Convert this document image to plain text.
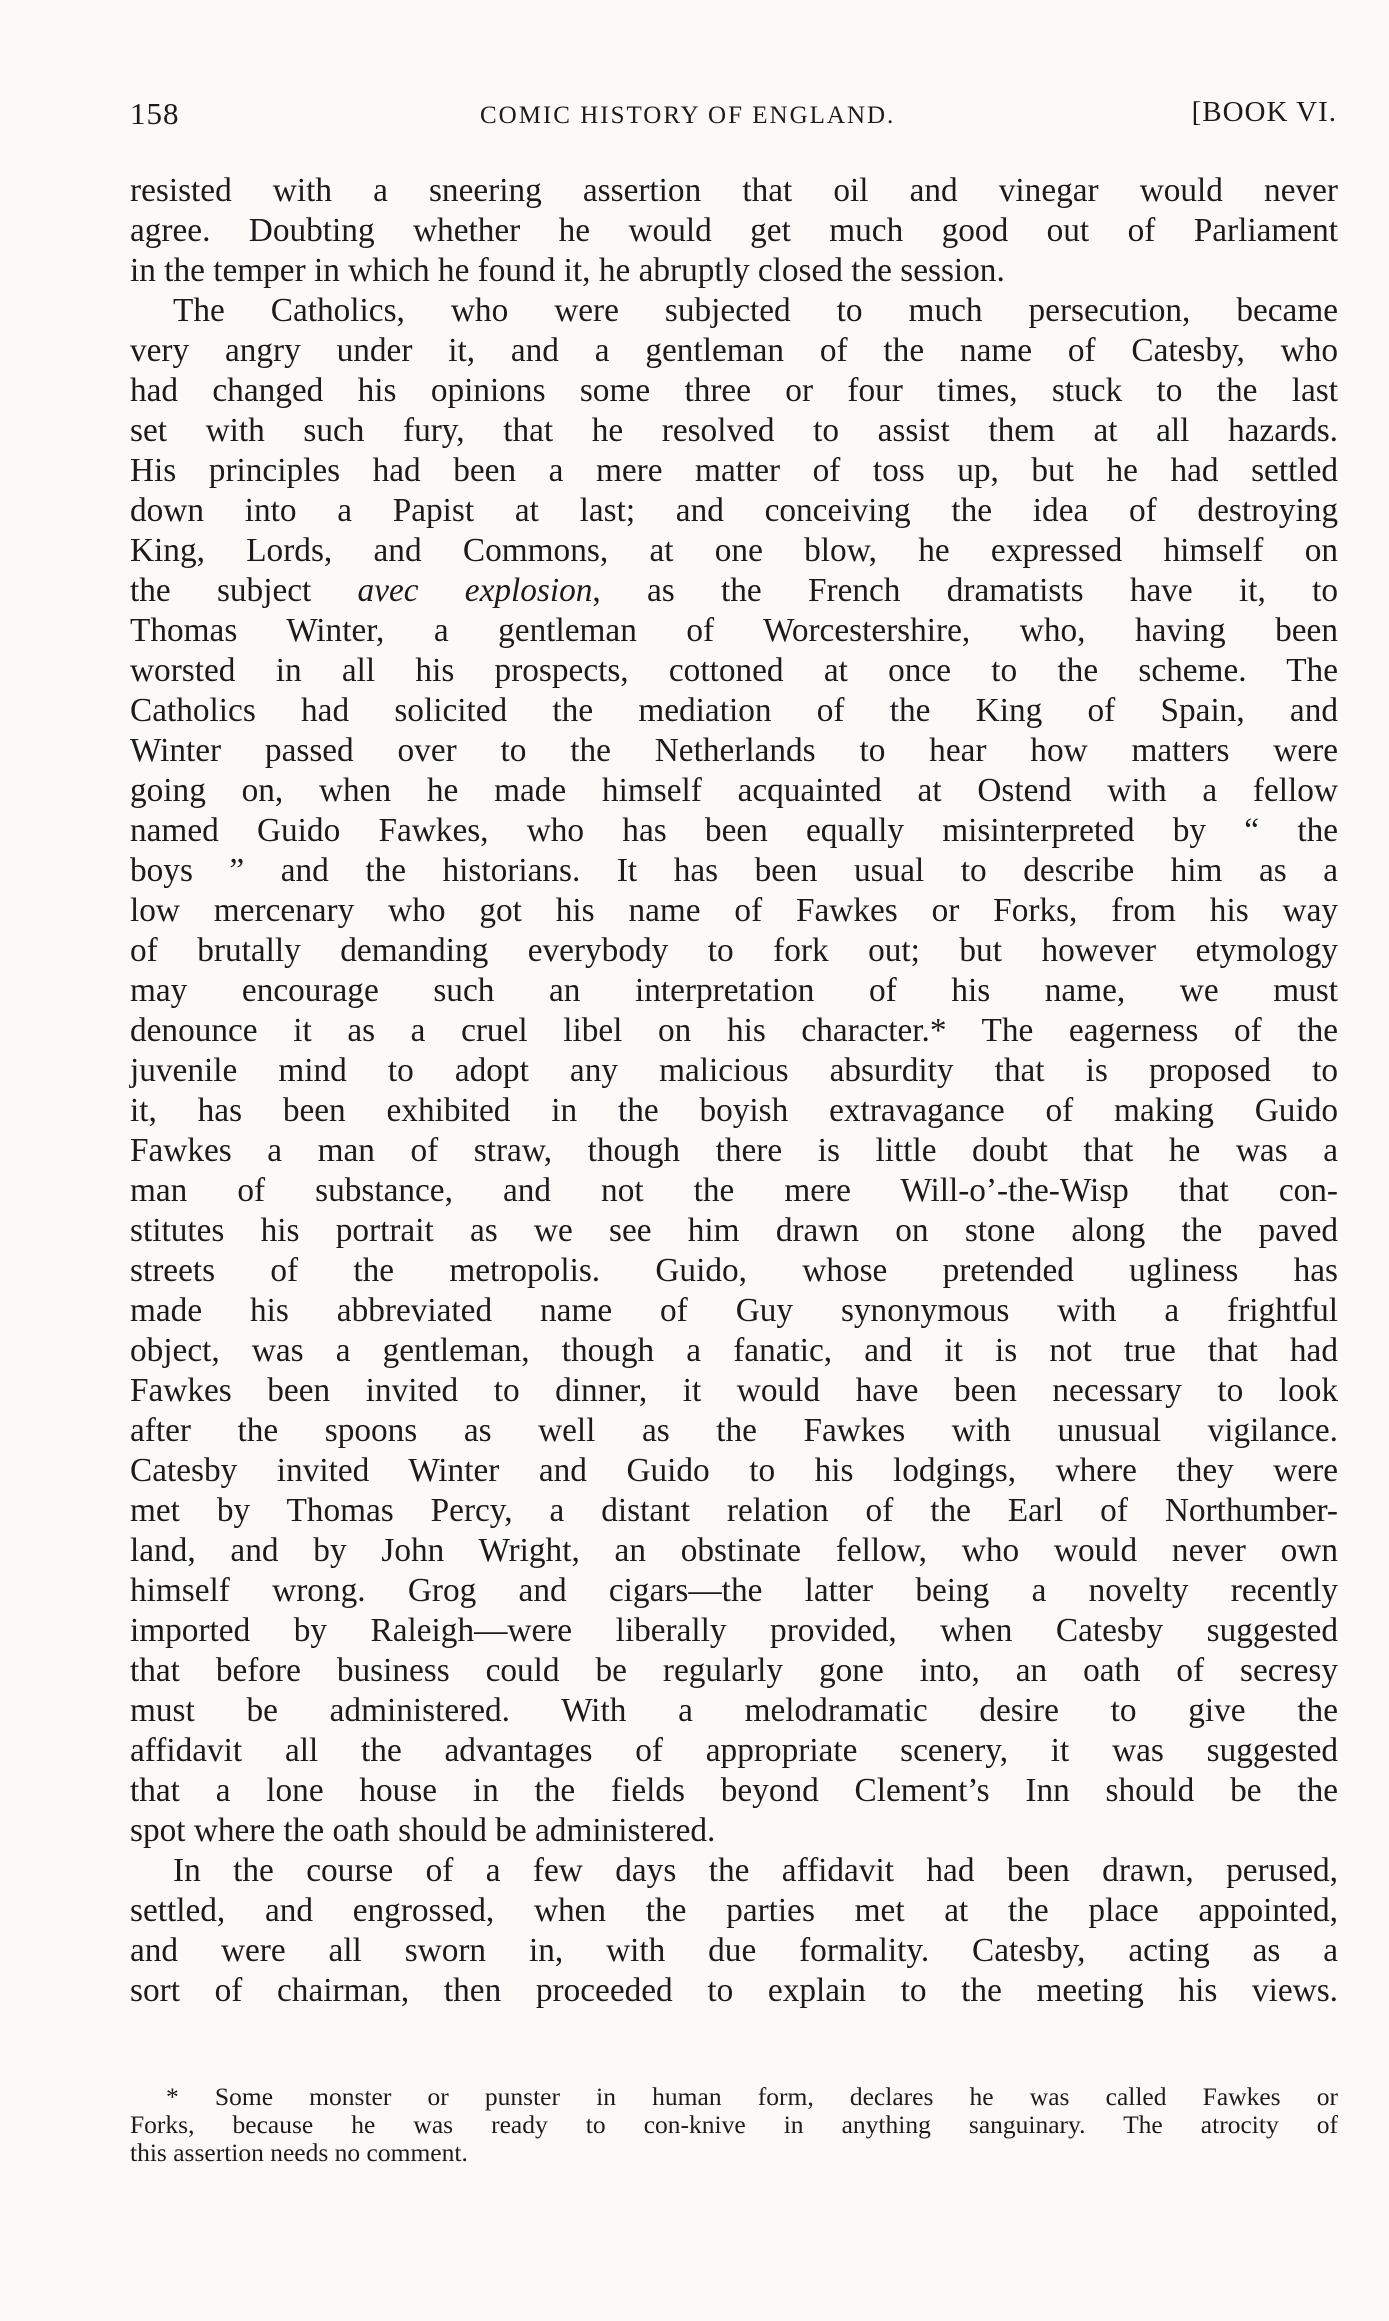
158	COMIC HISTORY OF ENGLAND.	[BOOK VI.
resisted with a sneering assertion that oil and vinegar would never
agree. Doubting whether he would get much good out of Parliament
in the temper in which he found it, he abruptly closed the session.
The Catholics, who were subjected to much persecution, became
very angry under it, and a gentleman of the name of Catesby, who
had changed his opinions some three or four times, stuck to the last
set with such fury, that he resolved to assist them at all hazards.
His principles had been a mere matter of toss up, but he had settled
down into a Papist at last; and conceiving the idea of destroying
King, Lords, and Commons, at one blow, he expressed himself on
the subject avec explosion, as the French dramatists have it, to
Thomas Winter, a gentleman of Worcestershire, who, having been
worsted in all his prospects, cottoned at once to the scheme. The
Catholics had solicited the mediation of the King of Spain, and
Winter passed over to the Netherlands to hear how matters were
going on, when he made himself acquainted at Ostend with a fellow
named Guido Fawkes, who has been equally misinterpreted by “ the
boys ” and the historians. It has been usual to describe him as a
low mercenary who got his name of Fawkes or Forks, from his way
of brutally demanding everybody to fork out; but however etymology
may encourage such an interpretation of his name, we must
denounce it as a cruel libel on his character.* The eagerness of the
juvenile mind to adopt any malicious absurdity that is proposed to
it, has been exhibited in the boyish extravagance of making Guido
Fawkes a man of straw, though there is little doubt that he was a
man of substance, and not the mere Will-o’-the-Wisp that con-
stitutes his portrait as we see him drawn on stone along the paved
streets of the metropolis. Guido, whose pretended ugliness has
made his abbreviated name of Guy synonymous with a frightful
object, was a gentleman, though a fanatic, and it is not true that had
Fawkes been invited to dinner, it would have been necessary to look
after the spoons as well as the Fawkes with unusual vigilance.
Catesby invited Winter and Guido to his lodgings, where they were
met by Thomas Percy, a distant relation of the Earl of Northumber-
land, and by John Wright, an obstinate fellow, who would never own
himself wrong. Grog and cigars—the latter being a novelty recently
imported by Raleigh—were liberally provided, when Catesby suggested
that before business could be regularly gone into, an oath of secresy
must be administered. With a melodramatic desire to give the
affidavit all the advantages of appropriate scenery, it was suggested
that a lone house in the fields beyond Clement’s Inn should be the
spot where the oath should be administered.
In the course of a few days the affidavit had been drawn, perused,
settled, and engrossed, when the parties met at the place appointed,
and were all sworn in, with due formality. Catesby, acting as a
sort of chairman, then proceeded to explain to the meeting his views.
* Some monster or punster in human form, declares he was called Fawkes or
Forks, because he was ready to con-knive in anything sanguinary. The atrocity of
this assertion needs no comment.
